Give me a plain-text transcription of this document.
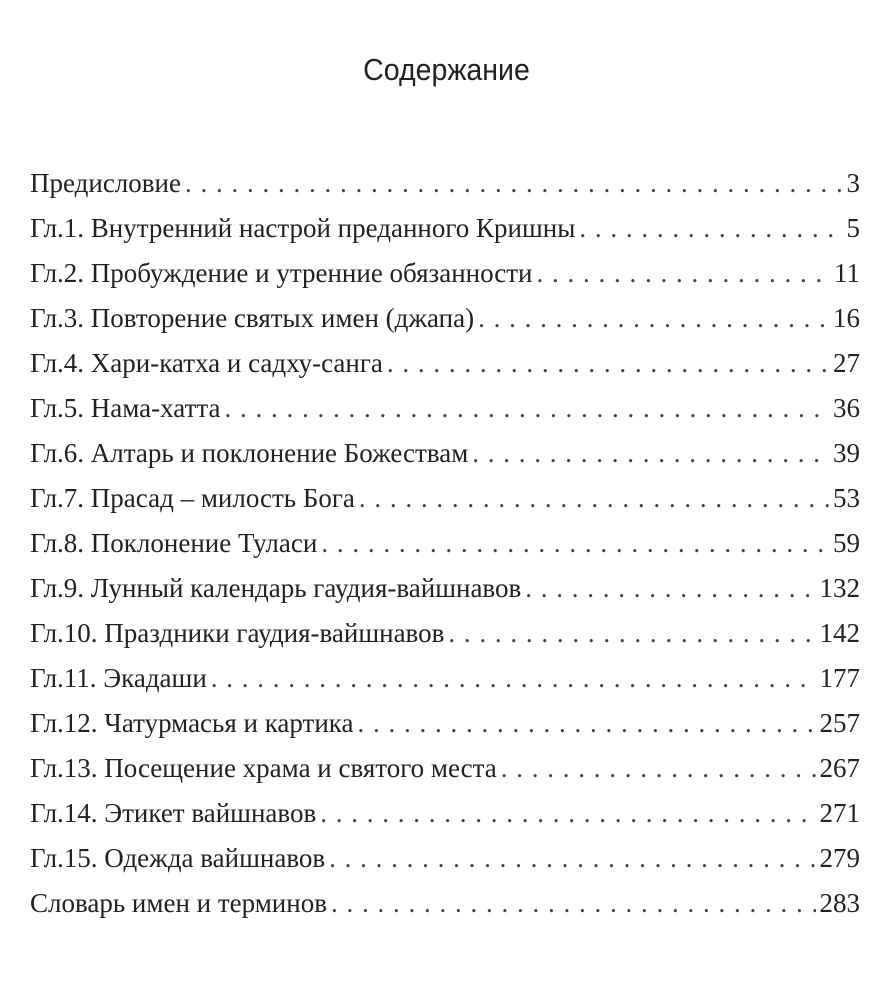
Содержание
Предисловие . . .	3
Гл.1. Внутренний настрой преданного Кришны . . .	5
Гл.2. Пробуждение и утренние обязанности . . .	11
Гл.3. Повторение святых имен (джапа) . . .	16
Гл.4. Хари-катха и садху-санга . . .	27
Гл.5. Нама-хатта . . .	36
Гл.6. Алтарь и поклонение Божествам . . .	39
Гл.7. Прасад – милость Бога . . .	53
Гл.8. Поклонение Туласи . . .	59
Гл.9. Лунный календарь гаудия-вайшнавов . . .	132
Гл.10. Праздники гаудия-вайшнавов . . .	142
Гл.11. Экадаши . . .	177
Гл.12. Чатурмасья и картика . . .	257
Гл.13. Посещение храма и святого места . . .	267
Гл.14. Этикет вайшнавов . . .	271
Гл.15. Одежда вайшнавов . . .	279
Словарь имен и терминов . . .	283
